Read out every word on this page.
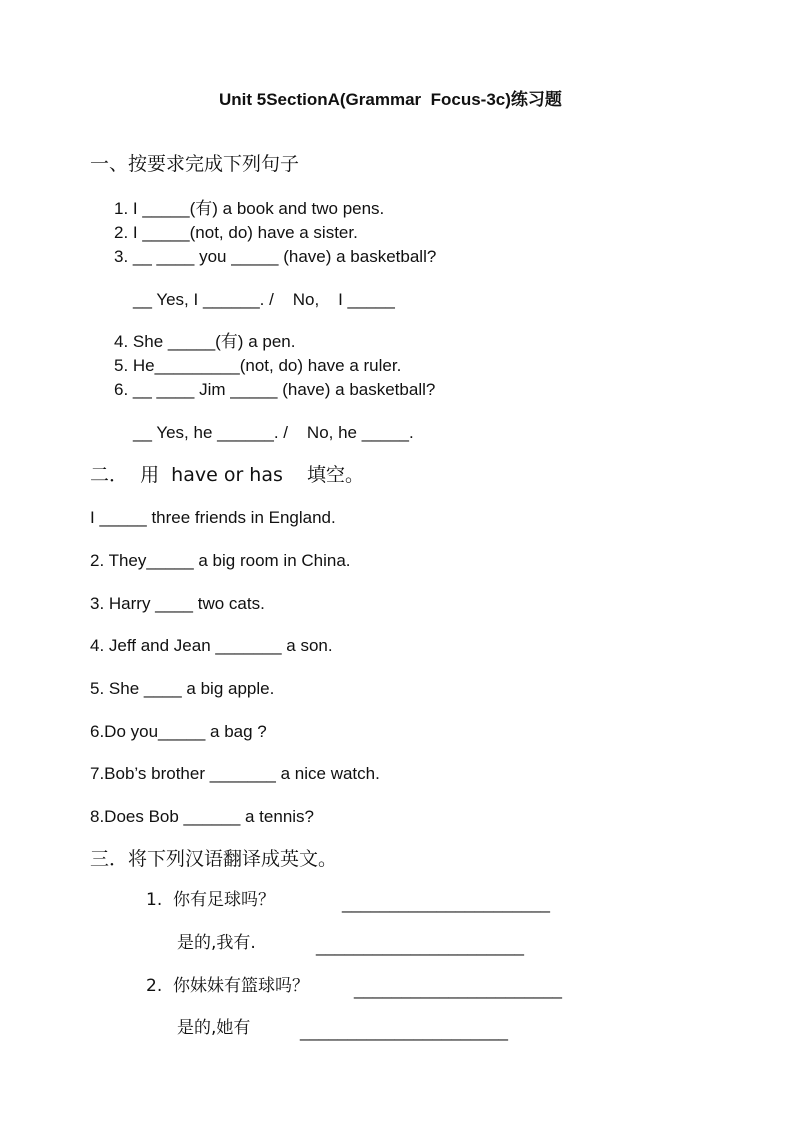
Unit 5SectionA(Grammar  Focus-3c)练习题
一、按要求完成下列句子
1. I _____(有) a book and two pens.
2. I _____(not, do) have a sister.
3. __ ____ you _____ (have) a basketball?
__ Yes, I ______. /    No,    I _____
4. She _____(有) a pen.
5. He_________(not, do) have a ruler.
6. __ ____ Jim _____ (have) a basketball?
__ Yes, he ______. /    No, he _____.
二．  用  have or has    填空。
I _____ three friends in England.
2. They_____ a big room in China.
3. Harry ____ two cats.
4. Jeff and Jean _______ a son.
5. She ____ a big apple.
6.Do you_____ a bag ?
7.Bob’s brother _______ a nice watch.
8.Does Bob ______ a tennis?
三．将下列汉语翻译成英文。
1.  你有足球吗？	______________________
是的,我有.	______________________
2.  你妹妹有篮球吗？	______________________
是的,她有	______________________
